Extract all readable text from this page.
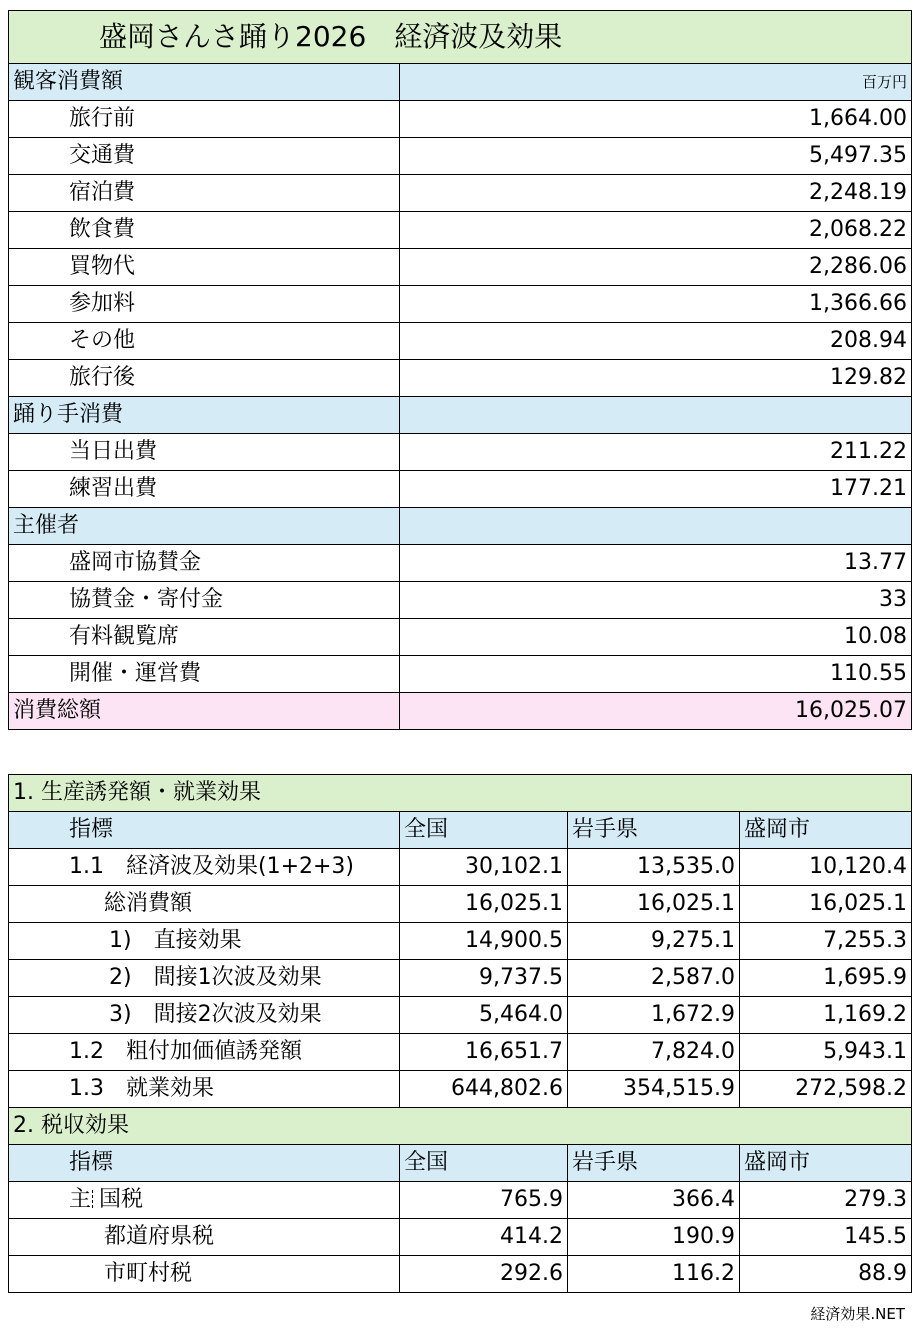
盛岡さんさ踊り2026　経済波及効果	
観客消費額	百万円
旅行前	1,664.00
交通費	5,497.35
宿泊費	2,248.19
飲食費	2,068.22
買物代	2,286.06
参加料	1,366.66
その他	208.94
旅行後	129.82
踊り手消費	
当日出費	211.22
練習出費	177.21
主催者	
盛岡市協賛金	13.77
協賛金・寄付金	33
有料観覧席	10.08
開催・運営費	110.55
消費総額	16,025.07
1. 生産誘発額・就業効果			
指標	全国	岩手県	盛岡市
1.1　経済波及効果(1+2+3)	30,102.1	13,535.0	10,120.4
総消費額	16,025.1	16,025.1	16,025.1
1)　直接効果	14,900.5	9,275.1	7,255.3
2)　間接1次波及効果	9,737.5	2,587.0	1,695.9
3)　間接2次波及効果	5,464.0	1,672.9	1,169.2
1.2　粗付加価値誘発額	16,651.7	7,824.0	5,943.1
1.3　就業効果	644,802.6	354,515.9	272,598.2
2. 税収効果			
指標	全国	岩手県	盛岡市
主 国税	765.9	366.4	279.3
都道府県税	414.2	190.9	145.5
市町村税	292.6	116.2	88.9
経済効果.NET
